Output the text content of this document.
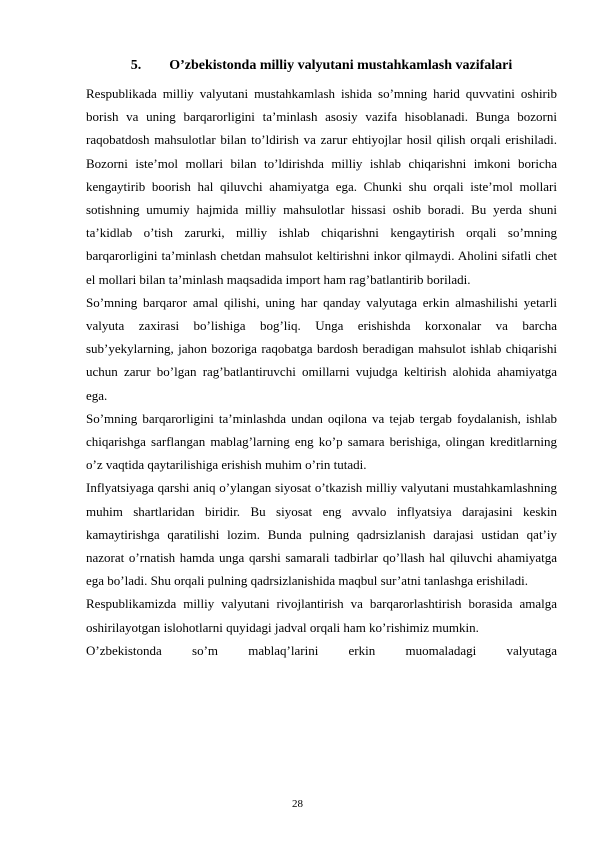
5. O’zbekistonda milliy valyutani mustahkamlash vazifalari

Respublikada milliy valyutani mustahkamlash ishida so’mning harid quvvatini oshirib borish va uning barqarorligini ta’minlash asosiy vazifa hisoblanadi. Bunga bozorni raqobatdosh mahsulotlar bilan to’ldirish va zarur ehtiyojlar hosil qilish orqali erishiladi. Bozorni iste’mol mollari bilan to’ldirishda milliy ishlab chiqarishni imkoni boricha kengaytirib boorish hal qiluvchi ahamiyatga ega. Chunki shu orqali iste’mol mollari sotishning umumiy hajmida milliy mahsulotlar hissasi oshib boradi. Bu yerda shuni ta’kidlab o’tish zarurki, milliy ishlab chiqarishni kengaytirish orqali so’mning barqarorligini ta’minlash chetdan mahsulot keltirishni inkor qilmaydi. Aholini sifatli chet el mollari bilan ta’minlash maqsadida import ham rag’batlantirib boriladi.

So’mning barqaror amal qilishi, uning har qanday valyutaga erkin almashilishi yetarli valyuta zaxirasi bo’lishiga bog’liq. Unga erishishda korxonalar va barcha sub’yekylarning, jahon bozoriga raqobatga bardosh beradigan mahsulot ishlab chiqarishi uchun zarur bo’lgan rag’batlantiruvchi omillarni vujudga keltirish alohida ahamiyatga ega.

So’mning barqarorligini ta’minlashda undan oqilona va tejab tergab foydalanish, ishlab chiqarishga sarflangan mablag’larning eng ko’p samara berishiga, olingan kreditlarning o’z vaqtida qaytarilishiga erishish muhim o’rin tutadi.

Inflyatsiyaga qarshi aniq o’ylangan siyosat o’tkazish milliy valyutani mustahkamlashning muhim shartlaridan biridir. Bu siyosat eng avvalo inflyatsiya darajasini keskin kamaytirishga qaratilishi lozim. Bunda pulning qadrsizlanish darajasi ustidan qat’iy nazorat o’rnatish hamda unga qarshi samarali tadbirlar qo’llash hal qiluvchi ahamiyatga ega bo’ladi. Shu orqali pulning qadrsizlanishida maqbul sur’atni tanlashga erishiladi.

Respublikamizda milliy valyutani rivojlantirish va barqarorlashtirish borasida amalga oshirilayotgan islohotlarni quyidagi jadval orqali ham ko’rishimiz mumkin.

O’zbekistonda so’m mablaq’larini erkin muomaladagi valyutaga

28
